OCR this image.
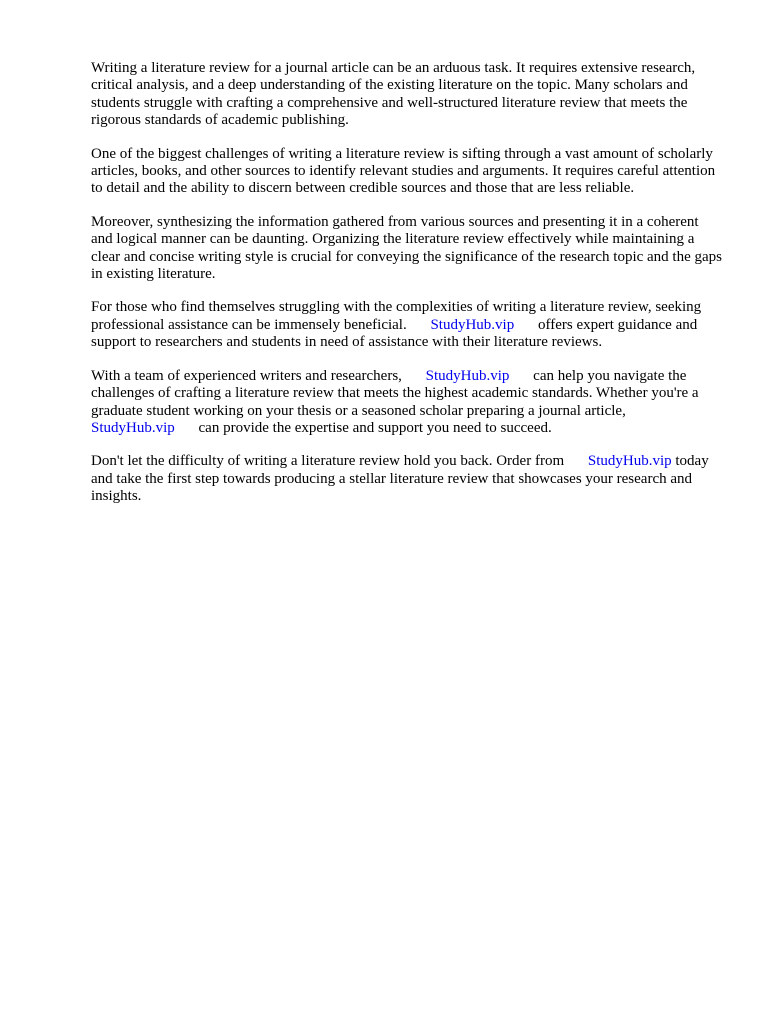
Writing a literature review for a journal article can be an arduous task. It requires extensive research, critical analysis, and a deep understanding of the existing literature on the topic. Many scholars and students struggle with crafting a comprehensive and well-structured literature review that meets the rigorous standards of academic publishing.

One of the biggest challenges of writing a literature review is sifting through a vast amount of scholarly articles, books, and other sources to identify relevant studies and arguments. It requires careful attention to detail and the ability to discern between credible sources and those that are less reliable.

Moreover, synthesizing the information gathered from various sources and presenting it in a coherent and logical manner can be daunting. Organizing the literature review effectively while maintaining a clear and concise writing style is crucial for conveying the significance of the research topic and the gaps in existing literature.

For those who find themselves struggling with the complexities of writing a literature review, seeking professional assistance can be immensely beneficial. StudyHub.vip offers expert guidance and support to researchers and students in need of assistance with their literature reviews.

With a team of experienced writers and researchers, StudyHub.vip can help you navigate the challenges of crafting a literature review that meets the highest academic standards. Whether you're a graduate student working on your thesis or a seasoned scholar preparing a journal article, StudyHub.vip can provide the expertise and support you need to succeed.

Don't let the difficulty of writing a literature review hold you back. Order from StudyHub.vip today and take the first step towards producing a stellar literature review that showcases your research and insights.
